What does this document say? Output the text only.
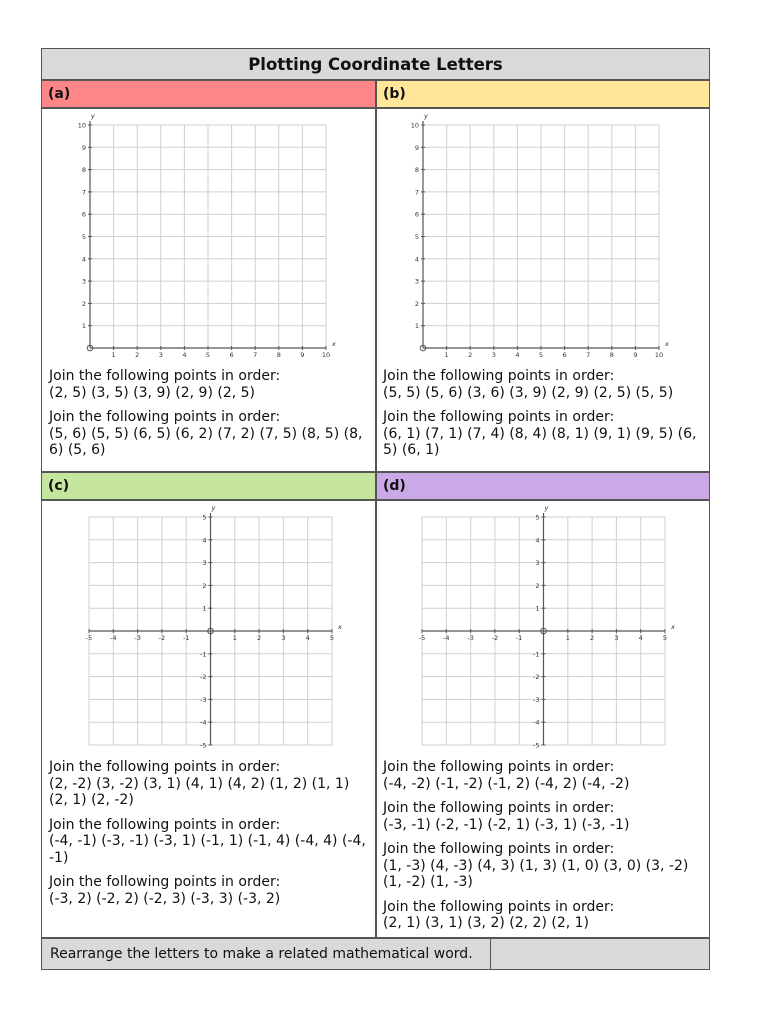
Plotting Coordinate Letters
(a)	(b)
(c)	(d)
1	2	3	4	5	6	7	8	9	10
1
2
3
4
5
6
7
8
9
10
x
y
1	2	3	4	5	6	7	8	9	10
1
2
3
4
5
6
7
8
9
10
x
y
-5	-4	-3	-2	-1	1	2	3	4	5
-5
-4
-3
-2
-1
1
2
3
4
5
x
y
-5	-4	-3	-2	-1	1	2	3	4	5
-5
-4
-3
-2
-1
1
2
3
4
5
x
y
Join the following points in order:
(2, 5) (3, 5) (3, 9) (2, 9) (2, 5)
Join the following points in order:
(5, 6) (5, 5) (6, 5) (6, 2) (7, 2) (7, 5) (8, 5) (8, 6) (5, 6)
Join the following points in order:
(5, 5) (5, 6) (3, 6) (3, 9) (2, 9) (2, 5) (5, 5)
Join the following points in order:
(6, 1) (7, 1) (7, 4) (8, 4) (8, 1) (9, 1) (9, 5) (6, 5) (6, 1)
Join the following points in order:
(2, -2) (3, -2) (3, 1) (4, 1) (4, 2) (1, 2) (1, 1) (2, 1) (2, -2)
Join the following points in order:
(-4, -1) (-3, -1) (-3, 1) (-1, 1) (-1, 4) (-4, 4) (-4, -1)
Join the following points in order:
(-3, 2) (-2, 2) (-2, 3) (-3, 3) (-3, 2)
Join the following points in order:
(-4, -2) (-1, -2) (-1, 2) (-4, 2) (-4, -2)
Join the following points in order:
(-3, -1) (-2, -1) (-2, 1) (-3, 1) (-3, -1)
Join the following points in order:
(1, -3) (4, -3) (4, 3) (1, 3) (1, 0) (3, 0) (3, -2) (1, -2) (1, -3)
Join the following points in order:
(2, 1) (3, 1) (3, 2) (2, 2) (2, 1)
Rearrange the letters to make a related mathematical word.
